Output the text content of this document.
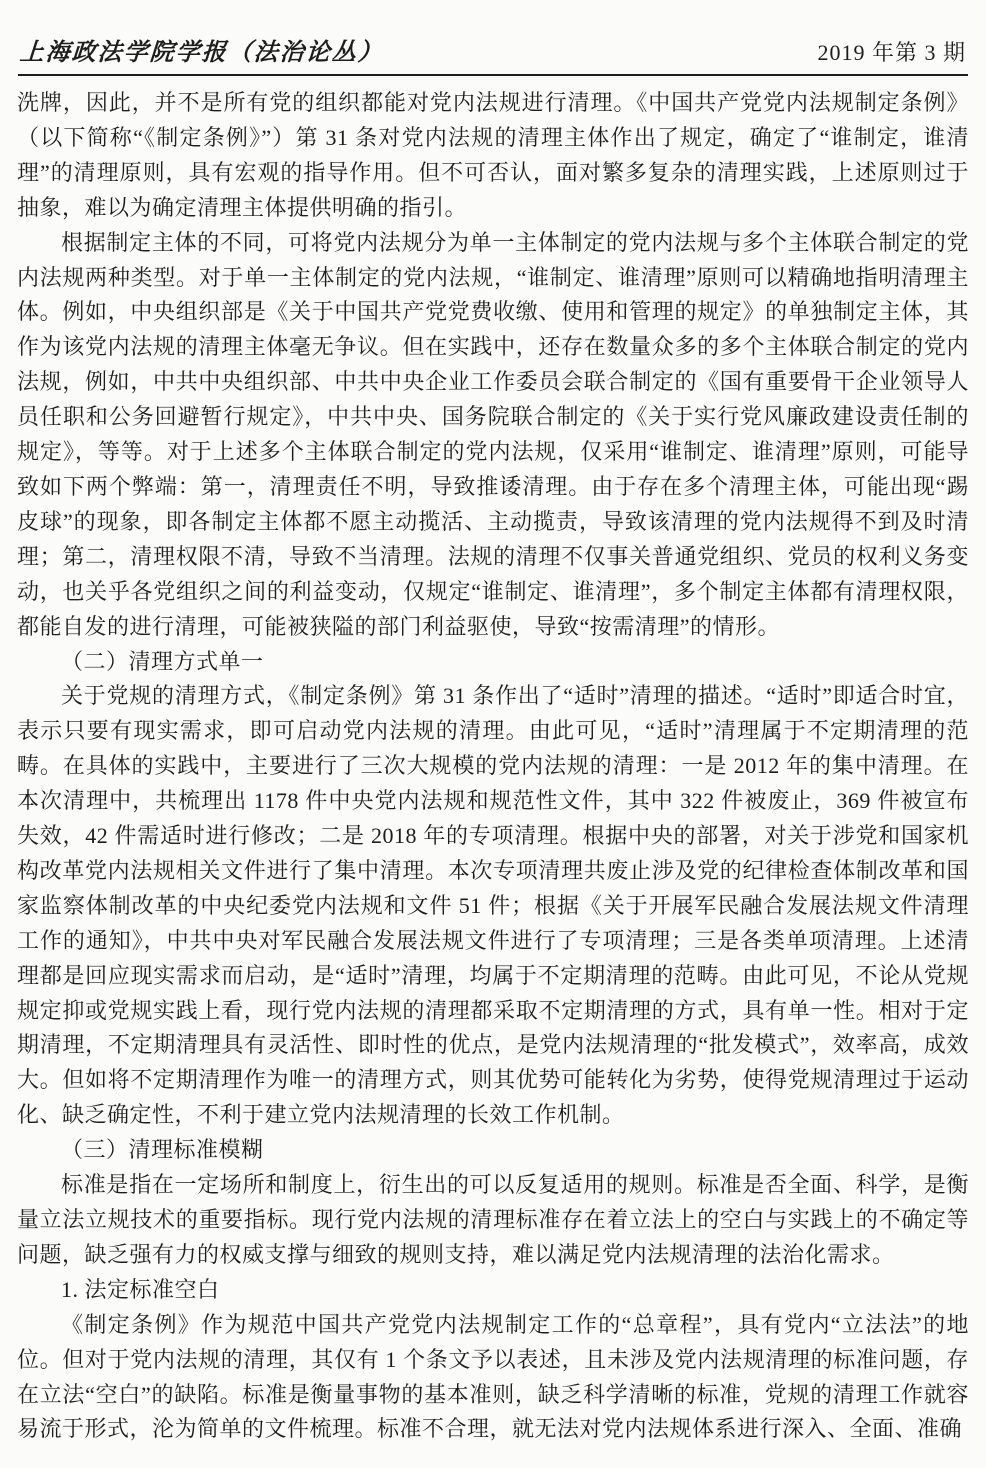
上海政法学院学报（法治论丛）	2019 年第 3 期

洗牌，因此，并不是所有党的组织都能对党内法规进行清理。《中国共产党党内法规制定条例》（以下简称“《制定条例》”）第 31 条对党内法规的清理主体作出了规定，确定了“谁制定，谁清理”的清理原则，具有宏观的指导作用。但不可否认，面对繁多复杂的清理实践，上述原则过于抽象，难以为确定清理主体提供明确的指引。

根据制定主体的不同，可将党内法规分为单一主体制定的党内法规与多个主体联合制定的党内法规两种类型。对于单一主体制定的党内法规，“谁制定、谁清理”原则可以精确地指明清理主体。例如，中央组织部是《关于中国共产党党费收缴、使用和管理的规定》的单独制定主体，其作为该党内法规的清理主体毫无争议。但在实践中，还存在数量众多的多个主体联合制定的党内法规，例如，中共中央组织部、中共中央企业工作委员会联合制定的《国有重要骨干企业领导人员任职和公务回避暂行规定》，中共中央、国务院联合制定的《关于实行党风廉政建设责任制的规定》，等等。对于上述多个主体联合制定的党内法规，仅采用“谁制定、谁清理”原则，可能导致如下两个弊端：第一，清理责任不明，导致推诿清理。由于存在多个清理主体，可能出现“踢皮球”的现象，即各制定主体都不愿主动揽活、主动揽责，导致该清理的党内法规得不到及时清理；第二，清理权限不清，导致不当清理。法规的清理不仅事关普通党组织、党员的权利义务变动，也关乎各党组织之间的利益变动，仅规定“谁制定、谁清理”，多个制定主体都有清理权限，都能自发的进行清理，可能被狭隘的部门利益驱使，导致“按需清理”的情形。

（二）清理方式单一

关于党规的清理方式，《制定条例》第 31 条作出了“适时”清理的描述。“适时”即适合时宜，表示只要有现实需求，即可启动党内法规的清理。由此可见，“适时”清理属于不定期清理的范畴。在具体的实践中，主要进行了三次大规模的党内法规的清理：一是 2012 年的集中清理。在本次清理中，共梳理出 1178 件中央党内法规和规范性文件，其中 322 件被废止，369 件被宣布失效，42 件需适时进行修改；二是 2018 年的专项清理。根据中央的部署，对关于涉党和国家机构改革党内法规相关文件进行了集中清理。本次专项清理共废止涉及党的纪律检查体制改革和国家监察体制改革的中央纪委党内法规和文件 51 件；根据《关于开展军民融合发展法规文件清理工作的通知》，中共中央对军民融合发展法规文件进行了专项清理；三是各类单项清理。上述清理都是回应现实需求而启动，是“适时”清理，均属于不定期清理的范畴。由此可见，不论从党规规定抑或党规实践上看，现行党内法规的清理都采取不定期清理的方式，具有单一性。相对于定期清理，不定期清理具有灵活性、即时性的优点，是党内法规清理的“批发模式”，效率高，成效大。但如将不定期清理作为唯一的清理方式，则其优势可能转化为劣势，使得党规清理过于运动化、缺乏确定性，不利于建立党内法规清理的长效工作机制。

（三）清理标准模糊

标准是指在一定场所和制度上，衍生出的可以反复适用的规则。标准是否全面、科学，是衡量立法立规技术的重要指标。现行党内法规的清理标准存在着立法上的空白与实践上的不确定等问题，缺乏强有力的权威支撑与细致的规则支持，难以满足党内法规清理的法治化需求。

1. 法定标准空白

《制定条例》作为规范中国共产党党内法规制定工作的“总章程”，具有党内“立法法”的地位。但对于党内法规的清理，其仅有 1 个条文予以表述，且未涉及党内法规清理的标准问题，存在立法“空白”的缺陷。标准是衡量事物的基本准则，缺乏科学清晰的标准，党规的清理工作就容易流于形式，沦为简单的文件梳理。标准不合理，就无法对党内法规体系进行深入、全面、准确
